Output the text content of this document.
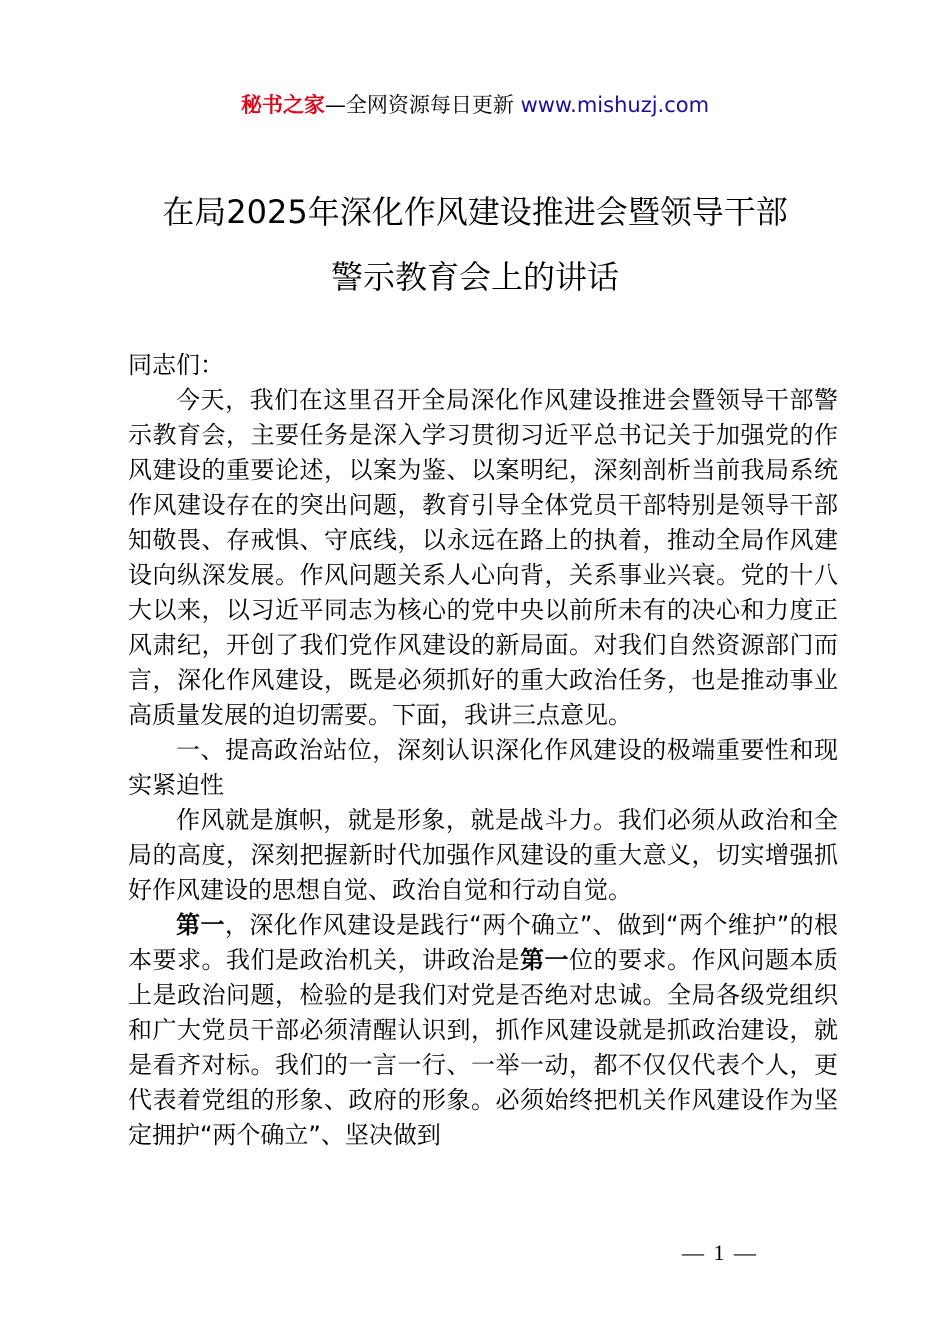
秘书之家—全网资源每日更新 www.mishuzj.com
在局2025年深化作风建设推进会暨领导干部
警示教育会上的讲话

同志们：

今天，我们在这里召开全局深化作风建设推进会暨领导干部警示教育会，主要任务是深入学习贯彻习近平总书记关于加强党的作风建设的重要论述，以案为鉴、以案明纪，深刻剖析当前我局系统作风建设存在的突出问题，教育引导全体党员干部特别是领导干部知敬畏、存戒惧、守底线，以永远在路上的执着，推动全局作风建设向纵深发展。作风问题关系人心向背，关系事业兴衰。党的十八大以来，以习近平同志为核心的党中央以前所未有的决心和力度正风肃纪，开创了我们党作风建设的新局面。对我们自然资源部门而言，深化作风建设，既是必须抓好的重大政治任务，也是推动事业高质量发展的迫切需要。下面，我讲三点意见。

一、提高政治站位，深刻认识深化作风建设的极端重要性和现实紧迫性

作风就是旗帜，就是形象，就是战斗力。我们必须从政治和全局的高度，深刻把握新时代加强作风建设的重大意义，切实增强抓好作风建设的思想自觉、政治自觉和行动自觉。

第一，深化作风建设是践行“两个确立”、做到“两个维护”的根本要求。我们是政治机关，讲政治是第一位的要求。作风问题本质上是政治问题，检验的是我们对党是否绝对忠诚。全局各级党组织和广大党员干部必须清醒认识到，抓作风建设就是抓政治建设，就是看齐对标。我们的一言一行、一举一动，都不仅仅代表个人，更代表着党组的形象、政府的形象。必须始终把机关作风建设作为坚定拥护“两个确立”、坚决做到

— 1 —
